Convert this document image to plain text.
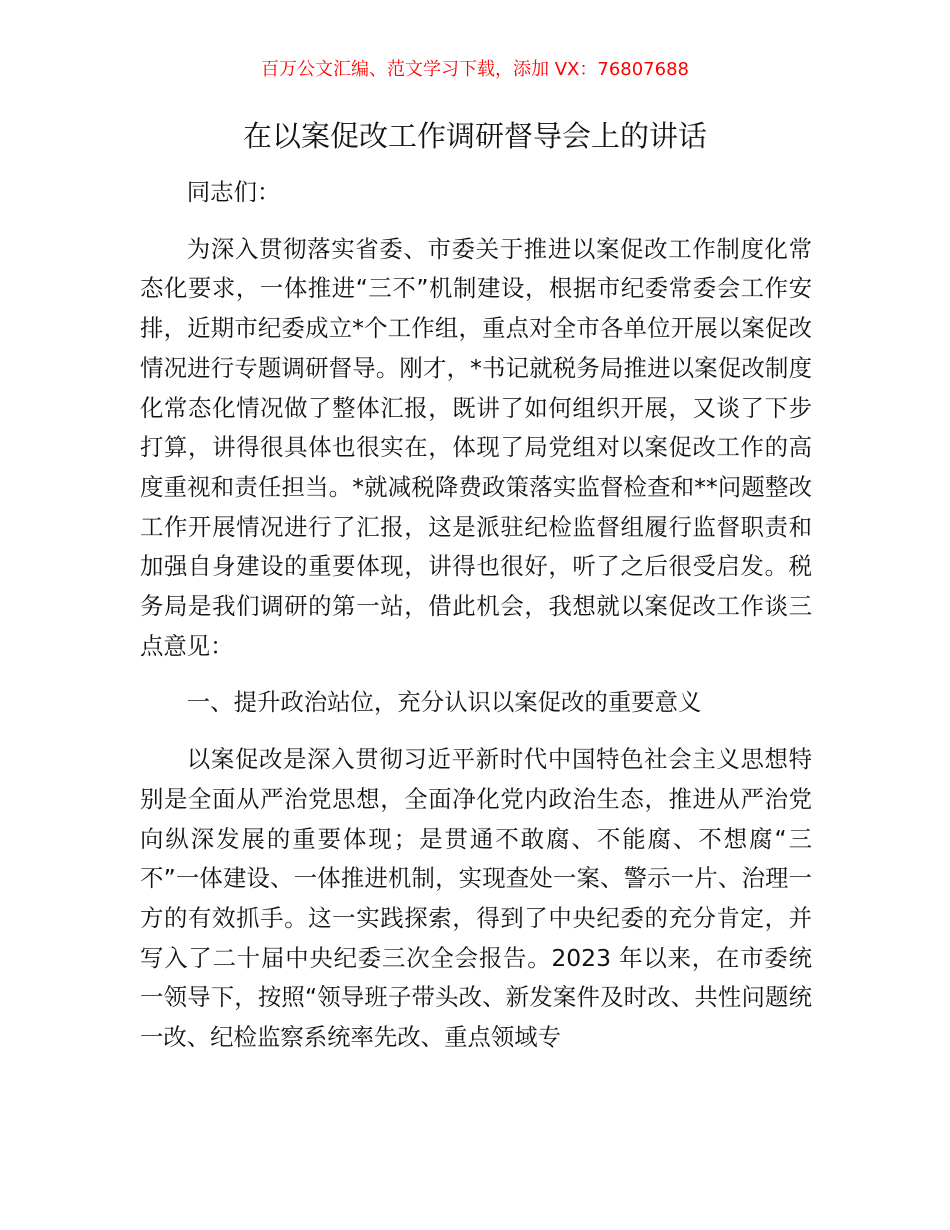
百万公文汇编、范文学习下载，添加 VX：76807688
在以案促改工作调研督导会上的讲话

同志们：

为深入贯彻落实省委、市委关于推进以案促改工作制度化常态化要求，一体推进“三不”机制建设，根据市纪委常委会工作安排，近期市纪委成立*个工作组，重点对全市各单位开展以案促改情况进行专题调研督导。刚才，*书记就税务局推进以案促改制度化常态化情况做了整体汇报，既讲了如何组织开展，又谈了下步打算，讲得很具体也很实在，体现了局党组对以案促改工作的高度重视和责任担当。*就减税降费政策落实监督检查和**问题整改工作开展情况进行了汇报，这是派驻纪检监督组履行监督职责和加强自身建设的重要体现，讲得也很好，听了之后很受启发。税务局是我们调研的第一站，借此机会，我想就以案促改工作谈三点意见：

一、提升政治站位，充分认识以案促改的重要意义

以案促改是深入贯彻习近平新时代中国特色社会主义思想特别是全面从严治党思想，全面净化党内政治生态，推进从严治党向纵深发展的重要体现；是贯通不敢腐、不能腐、不想腐“三不”一体建设、一体推进机制，实现查处一案、警示一片、治理一方的有效抓手。这一实践探索，得到了中央纪委的充分肯定，并写入了二十届中央纪委三次全会报告。2023 年以来，在市委统一领导下，按照“领导班子带头改、新发案件及时改、共性问题统一改、纪检监察系统率先改、重点领域专
